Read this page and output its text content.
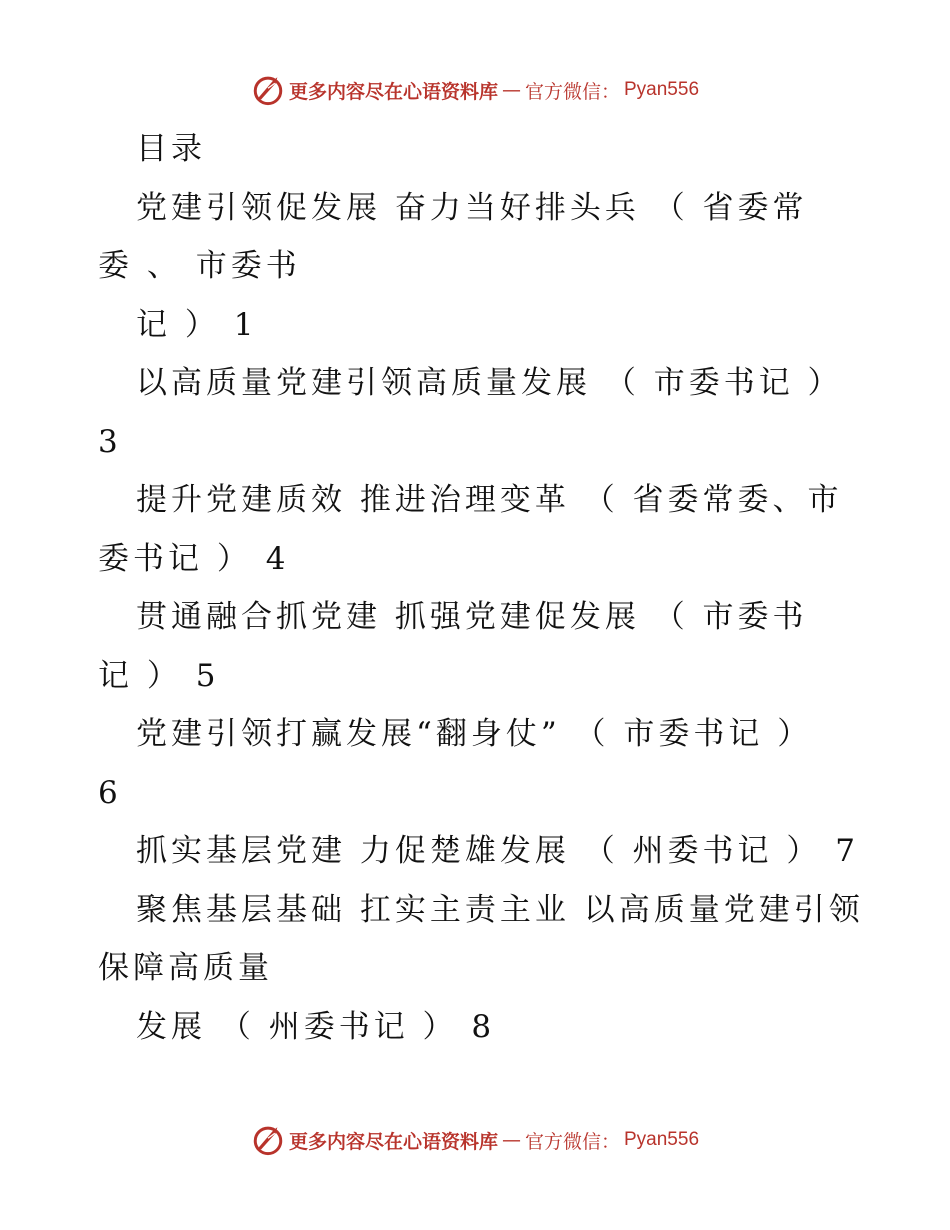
更多内容尽在心语资料库 — 官方微信： Pyan556
目录
党建引领促发展 奋力当好排头兵 （ 省委常
委 、 市委书
记 ） 1
以高质量党建引领高质量发展 （ 市委书记 ）
3
提升党建质效 推进治理变革 （ 省委常委、市
委书记 ） 4
贯通融合抓党建 抓强党建促发展 （ 市委书
记 ） 5
党建引领打赢发展“翻身仗” （ 市委书记 ）
6
抓实基层党建 力促楚雄发展 （ 州委书记 ） 7
聚焦基层基础 扛实主责主业 以高质量党建引领
保障高质量
发展 （ 州委书记 ） 8
更多内容尽在心语资料库 — 官方微信： Pyan556
